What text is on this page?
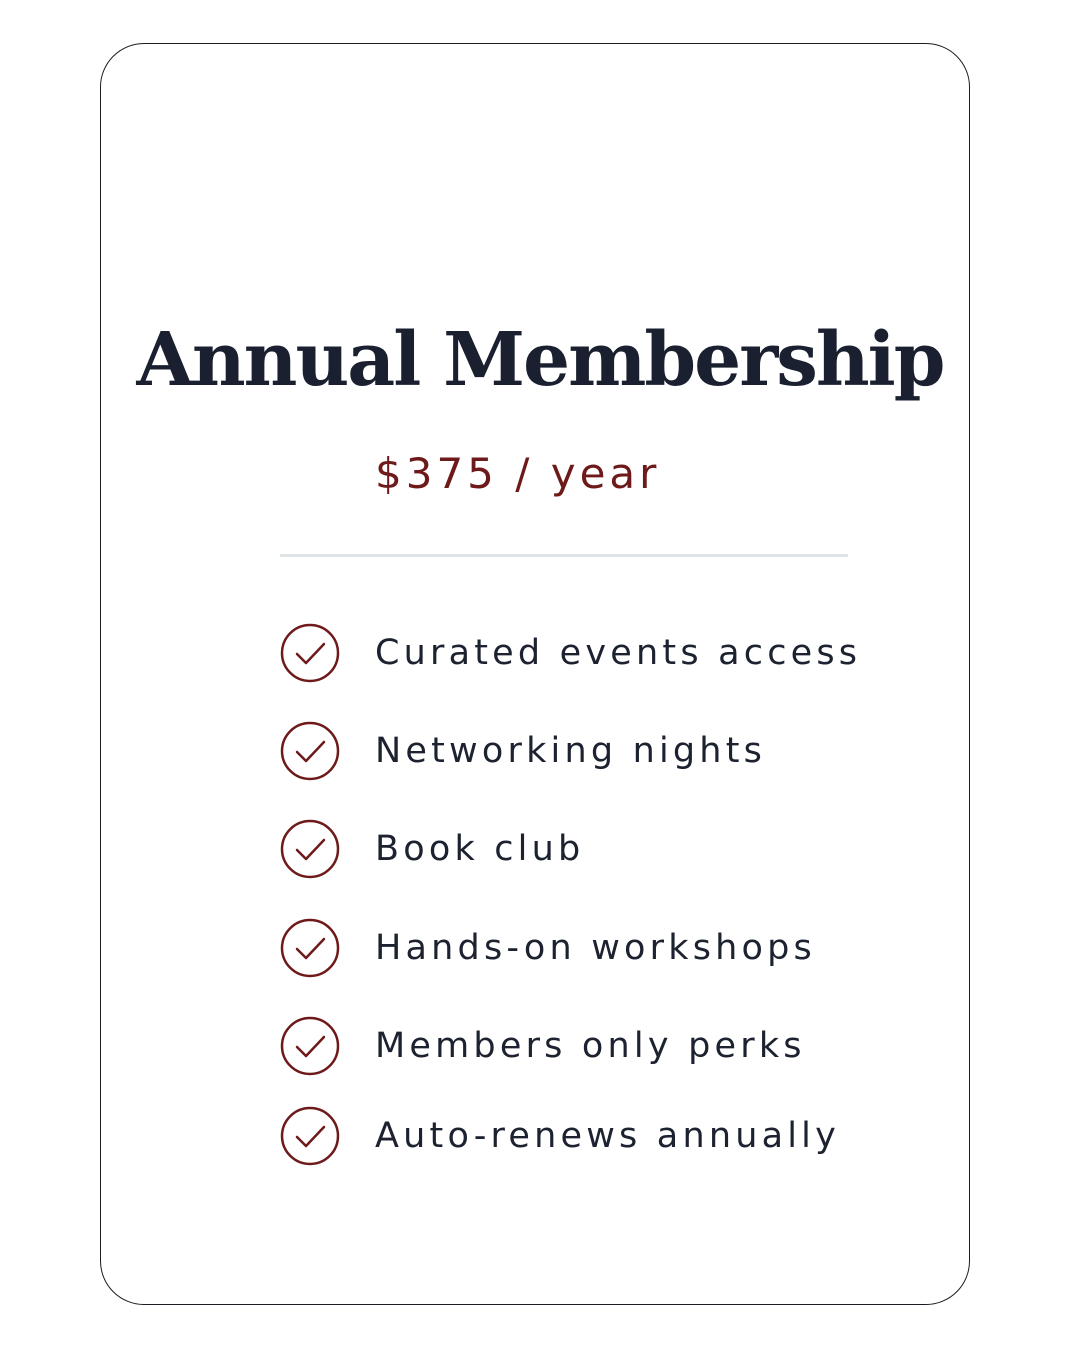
Annual Membership
$375 / year
Curated events access
Networking nights
Book club
Hands-on workshops
Members only perks
Auto-renews annually
